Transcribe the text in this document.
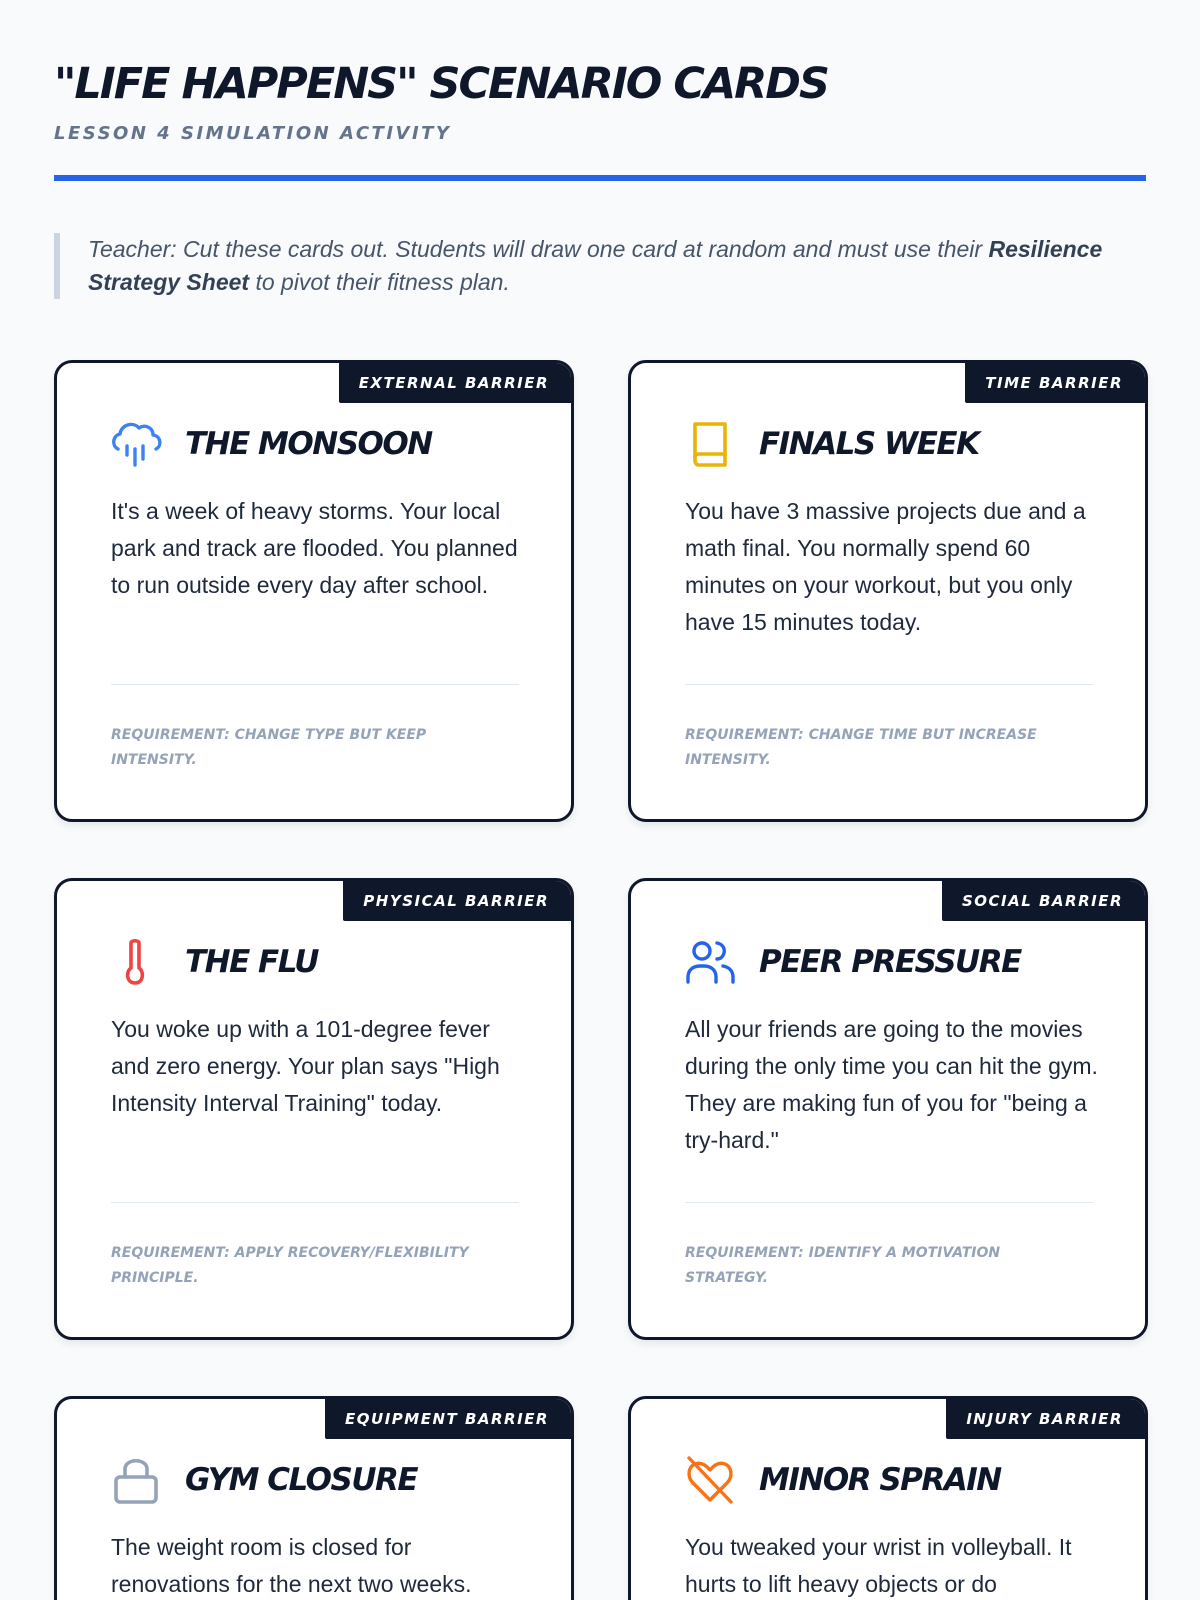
"LIFE HAPPENS" SCENARIO CARDS
LESSON 4 SIMULATION ACTIVITY
Teacher: Cut these cards out. Students will draw one card at random and must use their Resilience Strategy Sheet to pivot their fitness plan.
EXTERNAL BARRIER
THE MONSOON
It's a week of heavy storms. Your local park and track are flooded. You planned to run outside every day after school.
REQUIREMENT: CHANGE TYPE BUT KEEP INTENSITY.
TIME BARRIER
FINALS WEEK
You have 3 massive projects due and a math final. You normally spend 60 minutes on your workout, but you only have 15 minutes today.
REQUIREMENT: CHANGE TIME BUT INCREASE INTENSITY.
PHYSICAL BARRIER
THE FLU
You woke up with a 101-degree fever and zero energy. Your plan says "High Intensity Interval Training" today.
REQUIREMENT: APPLY RECOVERY/FLEXIBILITY PRINCIPLE.
SOCIAL BARRIER
PEER PRESSURE
All your friends are going to the movies during the only time you can hit the gym. They are making fun of you for "being a try-hard."
REQUIREMENT: IDENTIFY A MOTIVATION STRATEGY.
EQUIPMENT BARRIER
GYM CLOSURE
The weight room is closed for renovations for the next two weeks.
INJURY BARRIER
MINOR SPRAIN
You tweaked your wrist in volleyball. It hurts to lift heavy objects or do
